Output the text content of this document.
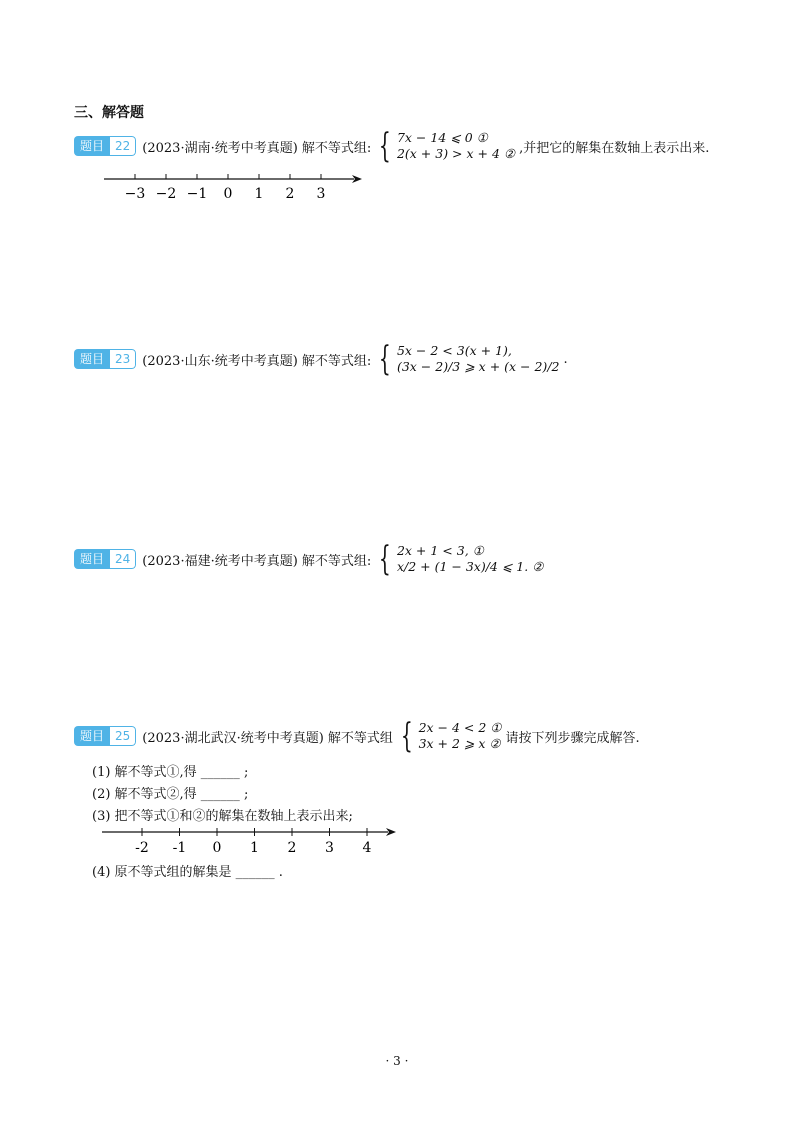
三、解答题
题目 22 (2023·湖南·统考中考真题) 解不等式组: { 7x − 14 ⩽ 0 ①
2(x + 3) > x + 4 ② ,并把它的解集在数轴上表示出来.
−3 −2 −1 0 1 2 3
题目 23 (2023·山东·统考中考真题) 解不等式组: { 5x − 2 < 3(x + 1),
(3x − 2)/3 ⩾ x + (x − 2)/2 .
题目 24 (2023·福建·统考中考真题) 解不等式组: { 2x + 1 < 3, ①
x/2 + (1 − 3x)/4 ⩽ 1. ②
题目 25 (2023·湖北武汉·统考中考真题) 解不等式组 { 2x − 4 < 2 ①
3x + 2 ⩾ x ② 请按下列步骤完成解答.
(1) 解不等式①,得 ______ ;
(2) 解不等式②,得 ______ ;
(3) 把不等式①和②的解集在数轴上表示出来;
-2 -1 0 1 2 3 4
(4) 原不等式组的解集是 ______ .
· 3 ·
